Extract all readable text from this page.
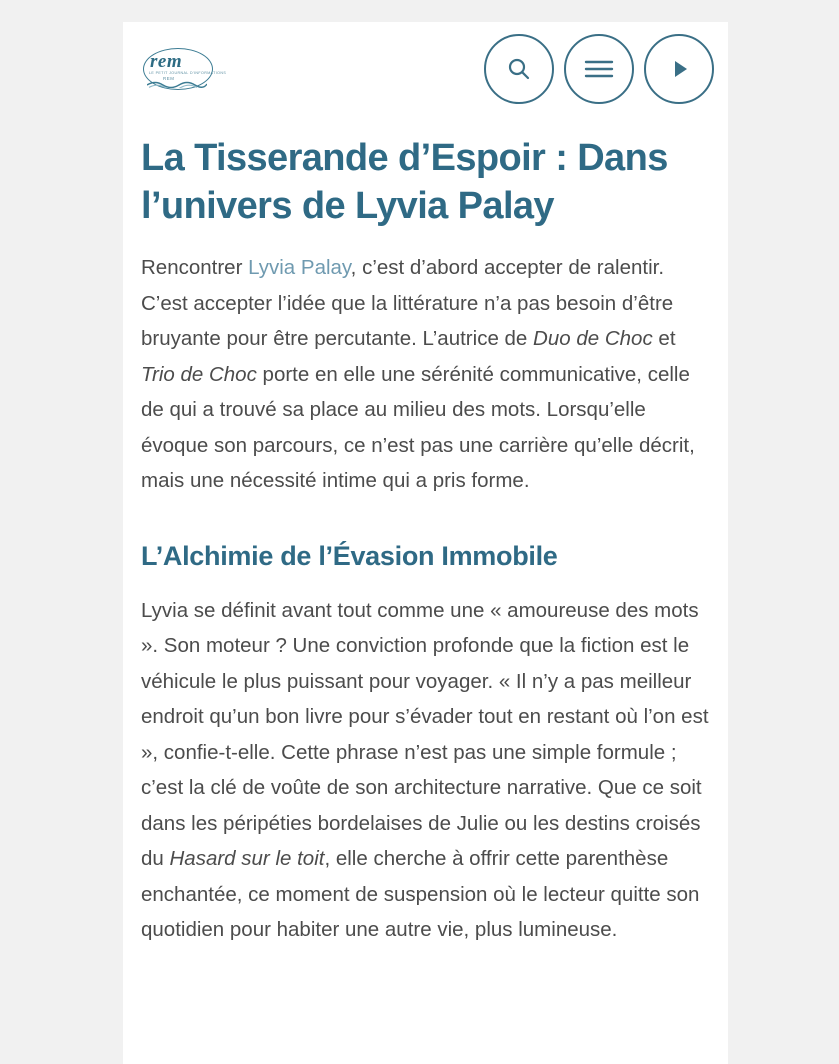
rem
LE PETIT JOURNAL D'INFORMATIONS
REM
La Tisserande d’Espoir : Dans l’univers de Lyvia Palay

Rencontrer Lyvia Palay, c’est d’abord accepter de ralentir. C’est accepter l’idée que la littérature n’a pas besoin d’être bruyante pour être percutante. L’autrice de Duo de Choc et Trio de Choc porte en elle une sérénité communicative, celle de qui a trouvé sa place au milieu des mots. Lorsqu’elle évoque son parcours, ce n’est pas une carrière qu’elle décrit, mais une nécessité intime qui a pris forme.

L’Alchimie de l’Évasion Immobile

Lyvia se définit avant tout comme une « amoureuse des mots ». Son moteur ? Une conviction profonde que la fiction est le véhicule le plus puissant pour voyager. « Il n’y a pas meilleur endroit qu’un bon livre pour s’évader tout en restant où l’on est », confie-t-elle. Cette phrase n’est pas une simple formule ; c’est la clé de voûte de son architecture narrative. Que ce soit dans les péripéties bordelaises de Julie ou les destins croisés du Hasard sur le toit, elle cherche à offrir cette parenthèse enchantée, ce moment de suspension où le lecteur quitte son quotidien pour habiter une autre vie, plus lumineuse.
